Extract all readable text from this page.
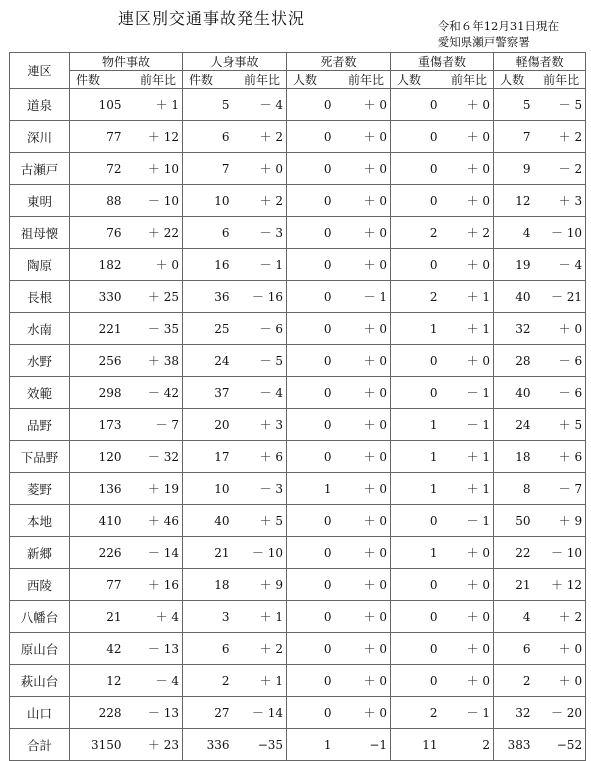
連区別交通事故発生状況	令和６年12月31日現在
愛知県瀬戸警察署
連区	物件事故		人身事故		死者数		重傷者数		軽傷者数	

	件数 前年比		件数 前年比		人数 前年比		人数 前年比		人数 前年比	

道泉	105	＋ 1	5	－ 4	0	＋ 0	0	＋ 0	5	－ 5
深川	77	＋ 12	6	＋ 2	0	＋ 0	0	＋ 0	7	＋ 2
古瀬戸	72	＋ 10	7	＋ 0	0	＋ 0	0	＋ 0	9	－ 2
東明	88	－ 10	10	＋ 2	0	＋ 0	0	＋ 0	12	＋ 3
祖母懐	76	＋ 22	6	－ 3	0	＋ 0	2	＋ 2	4	－ 10
陶原	182	＋ 0	16	－ 1	0	＋ 0	0	＋ 0	19	－ 4
長根	330	＋ 25	36	－ 16	0	－ 1	2	＋ 1	40	－ 21
水南	221	－ 35	25	－ 6	0	＋ 0	1	＋ 1	32	＋ 0
水野	256	＋ 38	24	－ 5	0	＋ 0	0	＋ 0	28	－ 6
效範	298	－ 42	37	－ 4	0	＋ 0	0	－ 1	40	－ 6
品野	173	－ 7	20	＋ 3	0	＋ 0	1	－ 1	24	＋ 5
下品野	120	－ 32	17	＋ 6	0	＋ 0	1	＋ 1	18	＋ 6
菱野	136	＋ 19	10	－ 3	1	＋ 0	1	＋ 1	8	－ 7
本地	410	＋ 46	40	＋ 5	0	＋ 0	0	－ 1	50	＋ 9
新郷	226	－ 14	21	－ 10	0	＋ 0	1	＋ 0	22	－ 10
西陵	77	＋ 16	18	＋ 9	0	＋ 0	0	＋ 0	21	＋ 12
八幡台	21	＋ 4	3	＋ 1	0	＋ 0	0	＋ 0	4	＋ 2
原山台	42	－ 13	6	＋ 2	0	＋ 0	0	＋ 0	6	＋ 0
萩山台	12	－ 4	2	＋ 1	0	＋ 0	0	＋ 0	2	＋ 0
山口	228	－ 13	27	－ 14	0	＋ 0	2	－ 1	32	－ 20
合計	3150	＋ 23	336	−35	1	−1	11	2	383	−52
